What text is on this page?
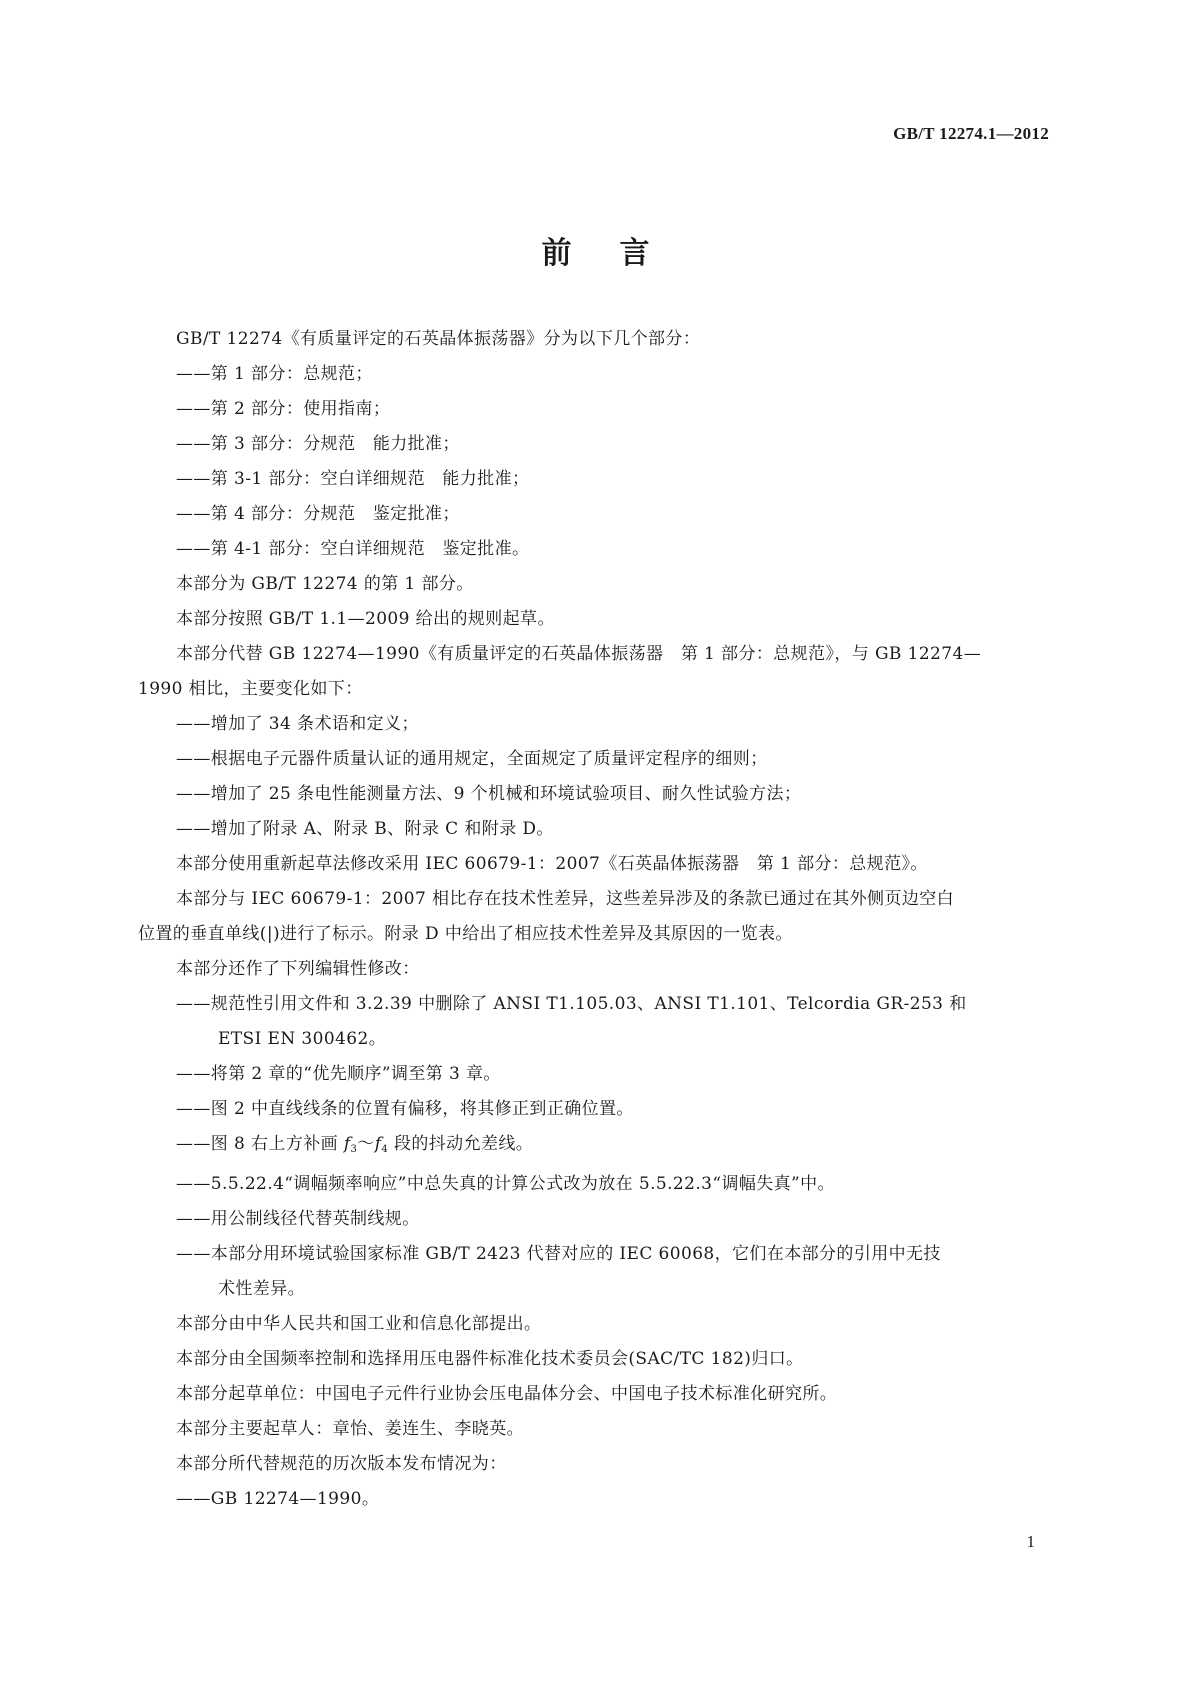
GB/T 12274.1—2012
前言
GB/T 12274《有质量评定的石英晶体振荡器》分为以下几个部分：
——第 1 部分：总规范；
——第 2 部分：使用指南；
——第 3 部分：分规范　能力批准；
——第 3-1 部分：空白详细规范　能力批准；
——第 4 部分：分规范　鉴定批准；
——第 4-1 部分：空白详细规范　鉴定批准。
本部分为 GB/T 12274 的第 1 部分。
本部分按照 GB/T 1.1—2009 给出的规则起草。
本部分代替 GB 12274—1990《有质量评定的石英晶体振荡器　第 1 部分：总规范》，与 GB 12274—
1990 相比，主要变化如下：
——增加了 34 条术语和定义；
——根据电子元器件质量认证的通用规定，全面规定了质量评定程序的细则；
——增加了 25 条电性能测量方法、9 个机械和环境试验项目、耐久性试验方法；
——增加了附录 A、附录 B、附录 C 和附录 D。
本部分使用重新起草法修改采用 IEC 60679-1：2007《石英晶体振荡器　第 1 部分：总规范》。
本部分与 IEC 60679-1：2007 相比存在技术性差异，这些差异涉及的条款已通过在其外侧页边空白
位置的垂直单线(|)进行了标示。附录 D 中给出了相应技术性差异及其原因的一览表。
本部分还作了下列编辑性修改：
——规范性引用文件和 3.2.39 中删除了 ANSI T1.105.03、ANSI T1.101、Telcordia GR-253 和
ETSI EN 300462。
——将第 2 章的“优先顺序”调至第 3 章。
——图 2 中直线线条的位置有偏移，将其修正到正确位置。
——图 8 右上方补画 $f_3\sim f_4$ 段的抖动允差线。
——5.5.22.4“调幅频率响应”中总失真的计算公式改为放在 5.5.22.3“调幅失真”中。
——用公制线径代替英制线规。
——本部分用环境试验国家标准 GB/T 2423 代替对应的 IEC 60068，它们在本部分的引用中无技
术性差异。
本部分由中华人民共和国工业和信息化部提出。
本部分由全国频率控制和选择用压电器件标准化技术委员会(SAC/TC 182)归口。
本部分起草单位：中国电子元件行业协会压电晶体分会、中国电子技术标准化研究所。
本部分主要起草人：章怡、姜连生、李晓英。
本部分所代替规范的历次版本发布情况为：
——GB 12274—1990。
1
